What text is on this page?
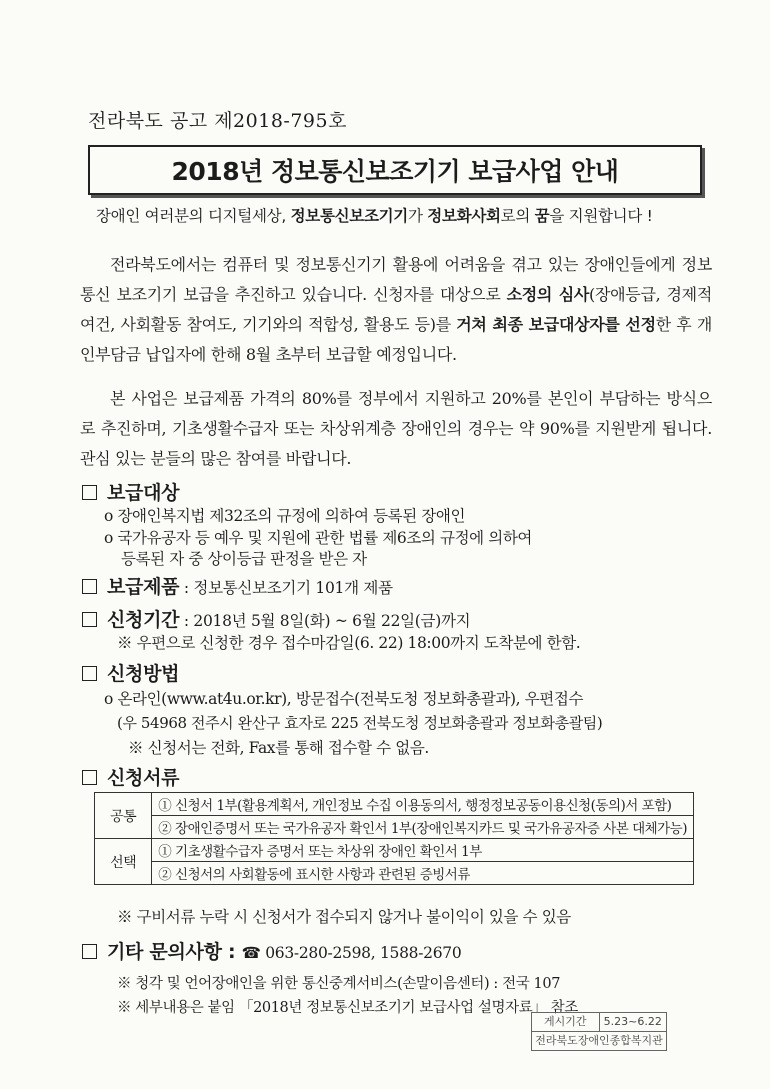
전라북도 공고 제2018-795호
2018년 정보통신보조기기 보급사업 안내
장애인 여러분의 디지털세상, 정보통신보조기기가 정보화사회로의 꿈을 지원합니다 !
전라북도에서는 컴퓨터 및 정보통신기기 활용에 어려움을 겪고 있는 장애인들에게 정보통신 보조기기 보급을 추진하고 있습니다. 신청자를 대상으로 소정의 심사(장애등급, 경제적여건, 사회활동 참여도, 기기와의 적합성, 활용도 등)를 거쳐 최종 보급대상자를 선정한 후 개인부담금 납입자에 한해 8월 초부터 보급할 예정입니다.
본 사업은 보급제품 가격의 80%를 정부에서 지원하고 20%를 본인이 부담하는 방식으로 추진하며, 기초생활수급자 또는 차상위계층 장애인의 경우는 약 90%를 지원받게 됩니다. 관심 있는 분들의 많은 참여를 바랍니다.
보급대상
o 장애인복지법 제32조의 규정에 의하여 등록된 장애인
o 국가유공자 등 예우 및 지원에 관한 법률 제6조의 규정에 의하여
등록된 자 중 상이등급 판정을 받은 자
보급제품 : 정보통신보조기기 101개 제품
신청기간 : 2018년 5월 8일(화) ~ 6월 22일(금)까지
※ 우편으로 신청한 경우 접수마감일(6. 22) 18:00까지 도착분에 한함.
신청방법
o 온라인(www.at4u.or.kr), 방문접수(전북도청 정보화총괄과), 우편접수
(우 54968 전주시 완산구 효자로 225 전북도청 정보화총괄과 정보화총괄팀)
※ 신청서는 전화, Fax를 통해 접수할 수 없음.
신청서류
공통	① 신청서 1부(활용계획서, 개인정보 수집 이용동의서, 행정정보공동이용신청(동의)서 포함)
	② 장애인증명서 또는 국가유공자 확인서 1부(장애인복지카드 및 국가유공자증 사본 대체가능)
선택	① 기초생활수급자 증명서 또는 차상위 장애인 확인서 1부
	② 신청서의 사회활동에 표시한 사항과 관련된 증빙서류
※ 구비서류 누락 시 신청서가 접수되지 않거나 불이익이 있을 수 있음
기타 문의사항 : ☎ 063-280-2598, 1588-2670
※ 청각 및 언어장애인을 위한 통신중계서비스(손말이음센터) : 전국 107
※ 세부내용은 붙임 「2018년 정보통신보조기기 보급사업 설명자료」 참조
게시기간	5.23~6.22
전라북도장애인종합복지관
